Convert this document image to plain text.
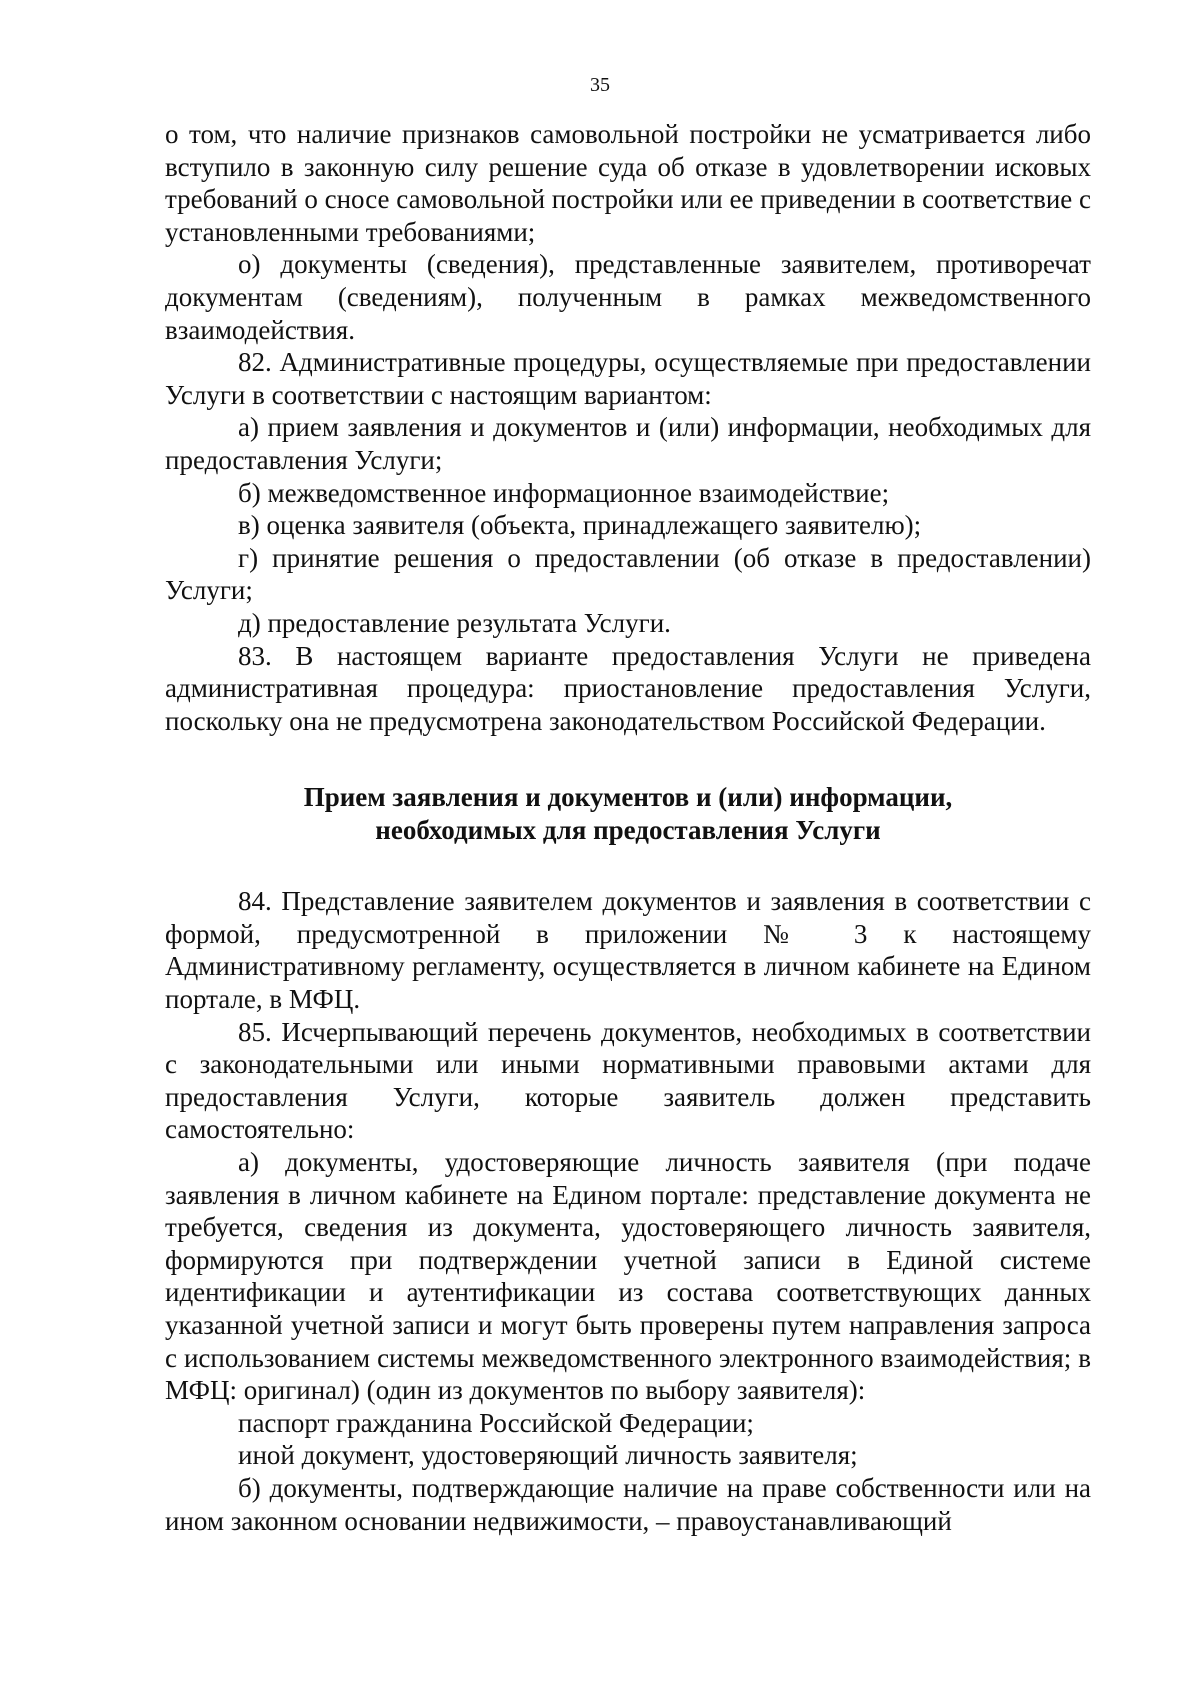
35

о том, что наличие признаков самовольной постройки не усматривается либо вступило в законную силу решение суда об отказе в удовлетворении исковых требований о сносе самовольной постройки или ее приведении в соответствие с установленными требованиями;

о) документы (сведения), представленные заявителем, противоречат документам (сведениям), полученным в рамках межведомственного взаимодействия.

82. Административные процедуры, осуществляемые при предоставлении Услуги в соответствии с настоящим вариантом:

а) прием заявления и документов и (или) информации, необходимых для предоставления Услуги;

б) межведомственное информационное взаимодействие;

в) оценка заявителя (объекта, принадлежащего заявителю);

г) принятие решения о предоставлении (об отказе в предоставлении) Услуги;

д) предоставление результата Услуги.

83. В настоящем варианте предоставления Услуги не приведена административная процедура: приостановление предоставления Услуги, поскольку она не предусмотрена законодательством Российской Федерации.

Прием заявления и документов и (или) информации,
необходимых для предоставления Услуги

84. Представление заявителем документов и заявления в соответствии с формой, предусмотренной в приложении № 3 к настоящему Административному регламенту, осуществляется в личном кабинете на Едином портале, в МФЦ.

85. Исчерпывающий перечень документов, необходимых в соответствии с законодательными или иными нормативными правовыми актами для предоставления Услуги, которые заявитель должен представить самостоятельно:

а) документы, удостоверяющие личность заявителя (при подаче заявления в личном кабинете на Едином портале: представление документа не требуется, сведения из документа, удостоверяющего личность заявителя, формируются при подтверждении учетной записи в Единой системе идентификации и аутентификации из состава соответствующих данных указанной учетной записи и могут быть проверены путем направления запроса с использованием системы межведомственного электронного взаимодействия; в МФЦ: оригинал) (один из документов по выбору заявителя):

паспорт гражданина Российской Федерации;

иной документ, удостоверяющий личность заявителя;

б) документы, подтверждающие наличие на праве собственности или на ином законном основании недвижимости, – правоустанавливающий
